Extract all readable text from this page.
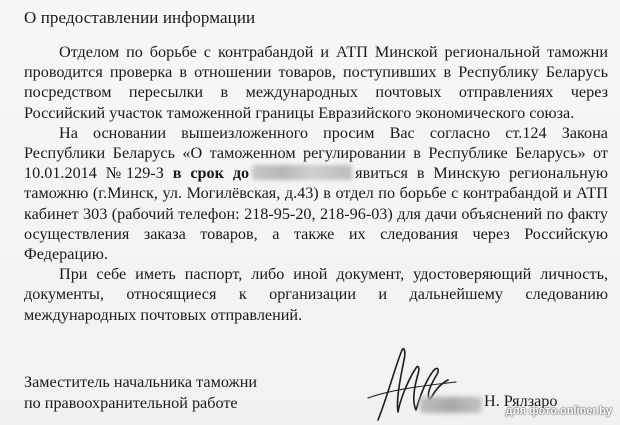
О предоставлении информации

Отделом по борьбе с контрабандой и АТП Минской региональной таможни проводится проверка в отношении товаров, поступивших в Республику Беларусь посредством пересылки в международных почтовых отправлениях через Российский участок таможенной границы Евразийского экономического союза.

На основании вышеизложенного просим Вас согласно ст.124 Закона Республики Беларусь «О таможенном регулировании в Республике Беларусь» от 10.01.2014 №129-З в срок до	явиться в Минскую региональную таможню (г.Минск, ул. Могилёвская, д.43) в отдел по борьбе с контрабандой и АТП кабинет 303 (рабочий телефон: 218-95-20, 218-96-03) для дачи объяснений по факту осуществления заказа товаров, а также их следования через Российскую Федерацию.

При себе иметь паспорт, либо иной документ, удостоверяющий личность, документы, относящиеся к организации и дальнейшему следованию международных почтовых отправлений.

Заместитель начальника таможни
по правоохранительной работе	Н. Рялзаро
для фото.onliner.by
